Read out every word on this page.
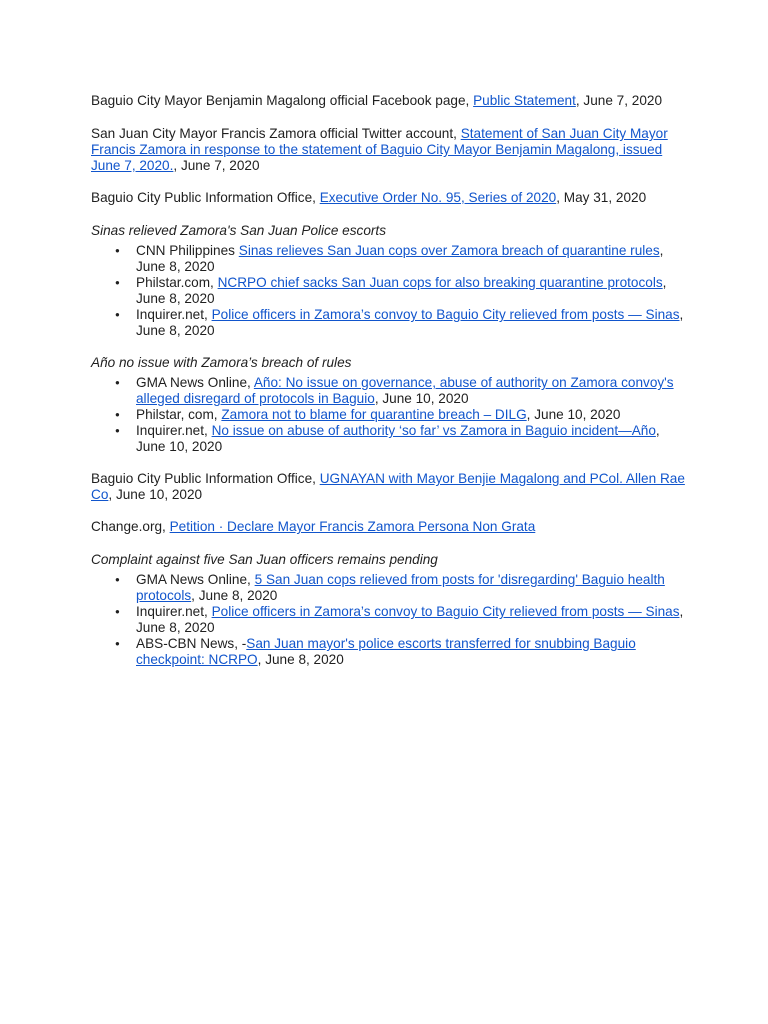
Baguio City Mayor Benjamin Magalong official Facebook page, Public Statement, June 7, 2020

San Juan City Mayor Francis Zamora official Twitter account, Statement of San Juan City Mayor Francis Zamora in response to the statement of Baguio City Mayor Benjamin Magalong, issued June 7, 2020., June 7, 2020

Baguio City Public Information Office, Executive Order No. 95, Series of 2020, May 31, 2020

Sinas relieved Zamora's San Juan Police escorts

● CNN Philippines Sinas relieves San Juan cops over Zamora breach of quarantine rules, June 8, 2020
● Philstar.com, NCRPO chief sacks San Juan cops for also breaking quarantine protocols, June 8, 2020
● Inquirer.net, Police officers in Zamora’s convoy to Baguio City relieved from posts — Sinas, June 8, 2020

Año no issue with Zamora’s breach of rules

● GMA News Online, Año: No issue on governance, abuse of authority on Zamora convoy's alleged disregard of protocols in Baguio, June 10, 2020
● Philstar, com, Zamora not to blame for quarantine breach – DILG, June 10, 2020
● Inquirer.net, No issue on abuse of authority ‘so far’ vs Zamora in Baguio incident—Año, June 10, 2020

Baguio City Public Information Office, UGNAYAN with Mayor Benjie Magalong and PCol. Allen Rae Co, June 10, 2020

Change.org, Petition · Declare Mayor Francis Zamora Persona Non Grata

Complaint against five San Juan officers remains pending

● GMA News Online, 5 San Juan cops relieved from posts for 'disregarding' Baguio health protocols, June 8, 2020
● Inquirer.net, Police officers in Zamora’s convoy to Baguio City relieved from posts — Sinas, June 8, 2020
● ABS-CBN News, -San Juan mayor's police escorts transferred for snubbing Baguio checkpoint: NCRPO, June 8, 2020
